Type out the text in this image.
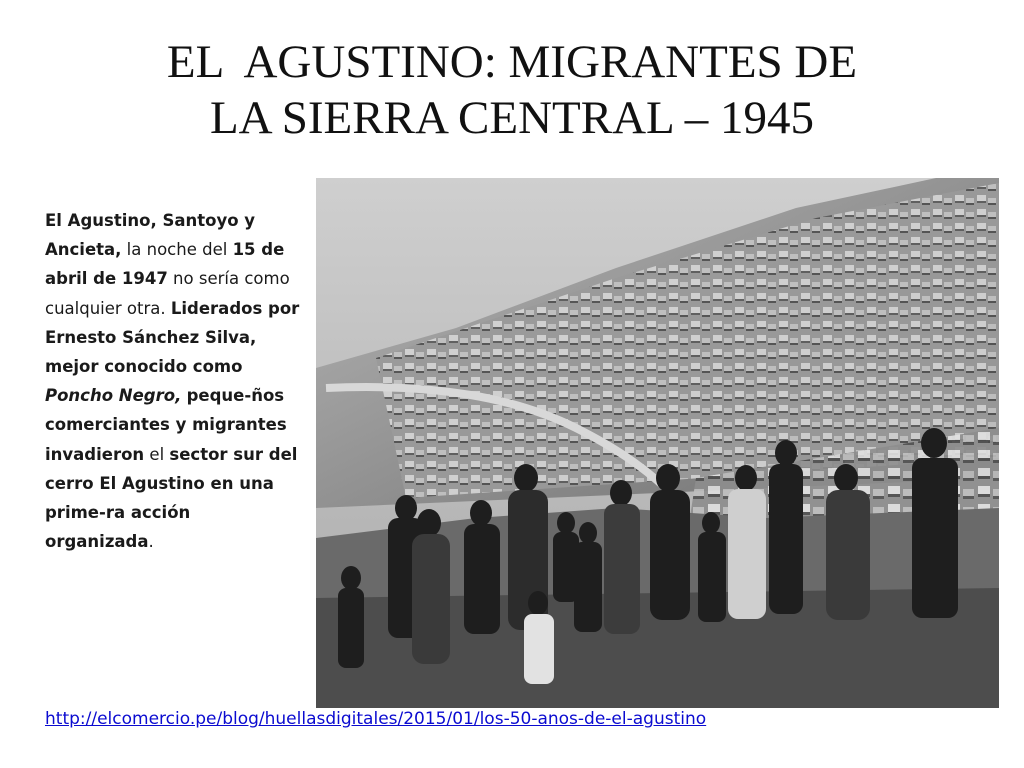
EL  AGUSTINO: MIGRANTES DE
LA SIERRA CENTRAL – 1945

El Agustino, Santoyo y Ancieta, la noche del 15 de abril de 1947 no sería como cualquier otra. Liderados por Ernesto Sánchez Silva, mejor conocido como Poncho Negro, peque-ños comerciantes y migrantes invadieron el sector sur del cerro El Agustino en una prime-ra acción organizada.

http://elcomercio.pe/blog/huellasdigitales/2015/01/los-50-anos-de-el-agustino
